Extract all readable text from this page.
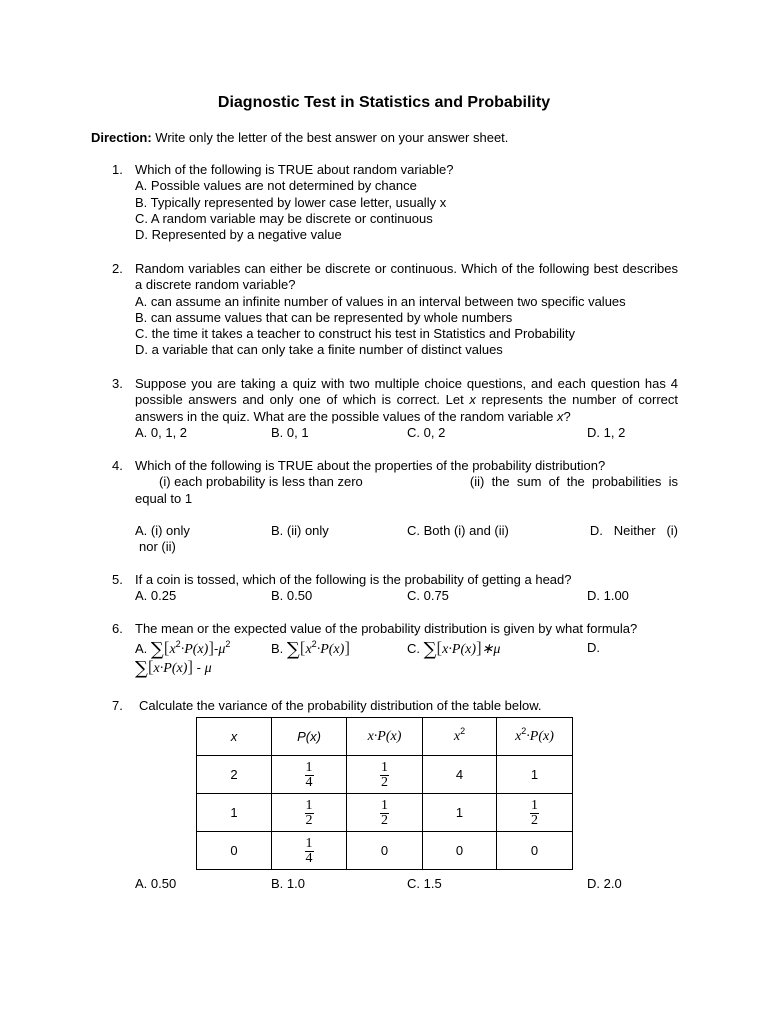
Diagnostic Test in Statistics and Probability
Direction: Write only the letter of the best answer on your answer sheet.
1. Which of the following is TRUE about random variable?
A. Possible values are not determined by chance
B. Typically represented by lower case letter, usually x
C. A random variable may be discrete or continuous
D. Represented by a negative value
2. Random variables can either be discrete or continuous. Which of the following best describes a discrete random variable?
A. can assume an infinite number of values in an interval between two specific values
B. can assume values that can be represented by whole numbers
C. the time it takes a teacher to construct his test in Statistics and Probability
D. a variable that can only take a finite number of distinct values
3. Suppose you are taking a quiz with two multiple choice questions, and each question has 4 possible answers and only one of which is correct. Let x represents the number of correct answers in the quiz. What are the possible values of the random variable x?
A. 0, 1, 2	B. 0, 1	C. 0, 2	D. 1, 2
4. Which of the following is TRUE about the properties of the probability distribution?
(i) each probability is less than zero	(ii)  the  sum  of  the  probabilities  is
equal to 1
A. (i) only	B. (ii) only	C. Both (i) and (ii)	D.   Neither   (i)
nor (ii)
5. If a coin is tossed, which of the following is the probability of getting a head?
A. 0.25	B. 0.50	C. 0.75	D. 1.00
6. The mean or the expected value of the probability distribution is given by what formula?
A. $\sum[x^2\cdot P(x)]-\mu^2$	B. $\sum[x^2\cdot P(x)]$	C. ∑[x·P(x)]∗μ	D.
∑[x·P(x)] - μ
7. Calculate the variance of the probability distribution of the table below.
x	P(x)	x·P(x)	$x^2$	$x^2\cdot P(x)$
2	$\frac{1}{4}$	$\frac{1}{2}$	4	1
1	$\frac{1}{2}$	$\frac{1}{2}$	1	$\frac{1}{2}$

0	$\frac{1}{4}$	0	0	0
A. 0.50	B. 1.0	C. 1.5	D. 2.0
